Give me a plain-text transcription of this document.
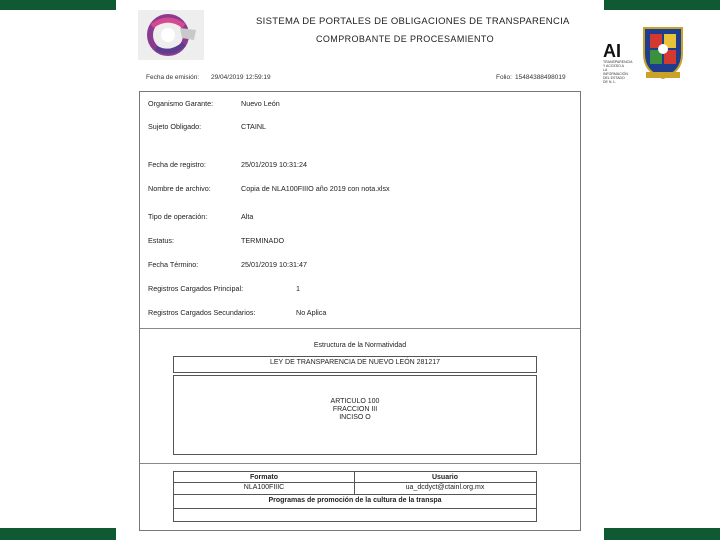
SISTEMA DE PORTALES DE OBLIGACIONES DE TRANSPARENCIA
COMPROBANTE DE PROCESAMIENTO
Fecha de emisión: 29/04/2019 12:59:19	Folio: 15484388498019
Organismo Garante:	Nuevo León
Sujeto Obligado:	CTAINL
Fecha de registro:	25/01/2019 10:31:24
Nombre de archivo:	Copia de NLA100FIIIO año 2019 con nota.xlsx
Tipo de operación:	Alta
Estatus:	TERMINADO
Fecha Término:	25/01/2019 10:31:47
Registros Cargados Principal:	1
Registros Cargados Secundarios:	No Aplica
Estructura de la Normatividad
LEY DE TRANSPARENCIA DE NUEVO LEÓN 281217
ARTICULO 100
FRACCION III
INCISO O
Formato	Usuario
NLA100FIIIC	ua_dcdyct@ctainl.org.mx
Programas de promoción de la cultura de la transpa
AI
TRANSPARENCIA Y ACCESO A LA INFORMACIÓN DEL ESTADO DE N. L.
